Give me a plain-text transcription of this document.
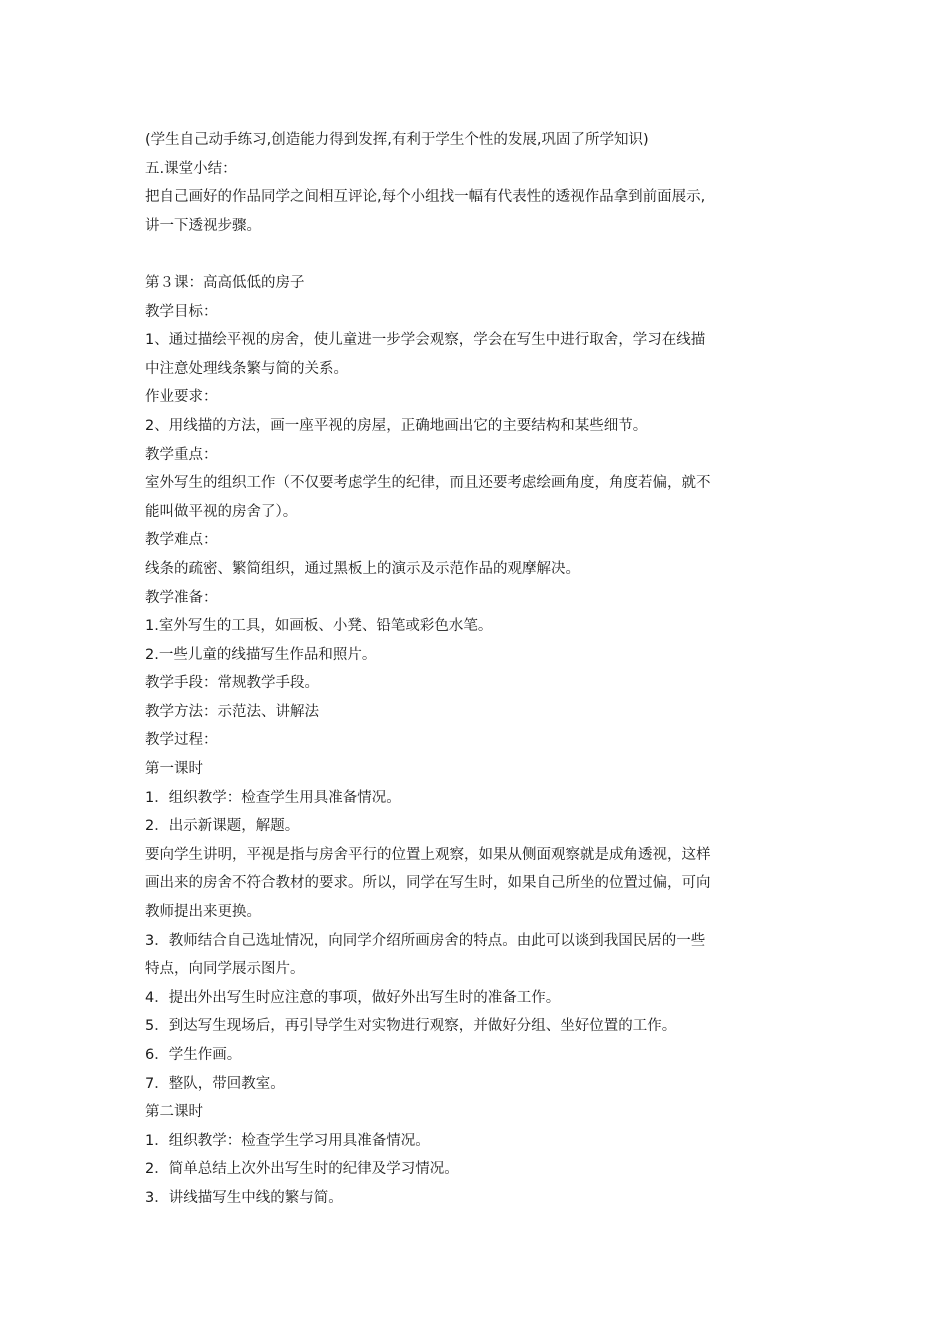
(学生自己动手练习,创造能力得到发挥,有利于学生个性的发展,巩固了所学知识)

五.课堂小结：

把自己画好的作品同学之间相互评论,每个小组找一幅有代表性的透视作品拿到前面展示,

讲一下透视步骤。

第３课：高高低低的房子

教学目标：

1、通过描绘平视的房舍，使儿童进一步学会观察，学会在写生中进行取舍，学习在线描

中注意处理线条繁与简的关系。

作业要求：

2、用线描的方法，画一座平视的房屋，正确地画出它的主要结构和某些细节。

教学重点：

室外写生的组织工作（不仅要考虑学生的纪律，而且还要考虑绘画角度，角度若偏，就不

能叫做平视的房舍了）。

教学难点：

线条的疏密、繁简组织，通过黑板上的演示及示范作品的观摩解决。

教学准备：

1.室外写生的工具，如画板、小凳、铅笔或彩色水笔。

2.一些儿童的线描写生作品和照片。

教学手段：常规教学手段。

教学方法：示范法、讲解法

教学过程：

第一课时

1．组织教学：检查学生用具准备情况。

2．出示新课题，解题。

要向学生讲明，平视是指与房舍平行的位置上观察，如果从侧面观察就是成角透视，这样

画出来的房舍不符合教材的要求。所以，同学在写生时，如果自己所坐的位置过偏，可向

教师提出来更换。

3．教师结合自己选址情况，向同学介绍所画房舍的特点。由此可以谈到我国民居的一些

特点，向同学展示图片。

4．提出外出写生时应注意的事项，做好外出写生时的准备工作。

5．到达写生现场后，再引导学生对实物进行观察，并做好分组、坐好位置的工作。

6．学生作画。

7．整队，带回教室。

第二课时

1．组织教学：检查学生学习用具准备情况。

2．简单总结上次外出写生时的纪律及学习情况。

3．讲线描写生中线的繁与简。
